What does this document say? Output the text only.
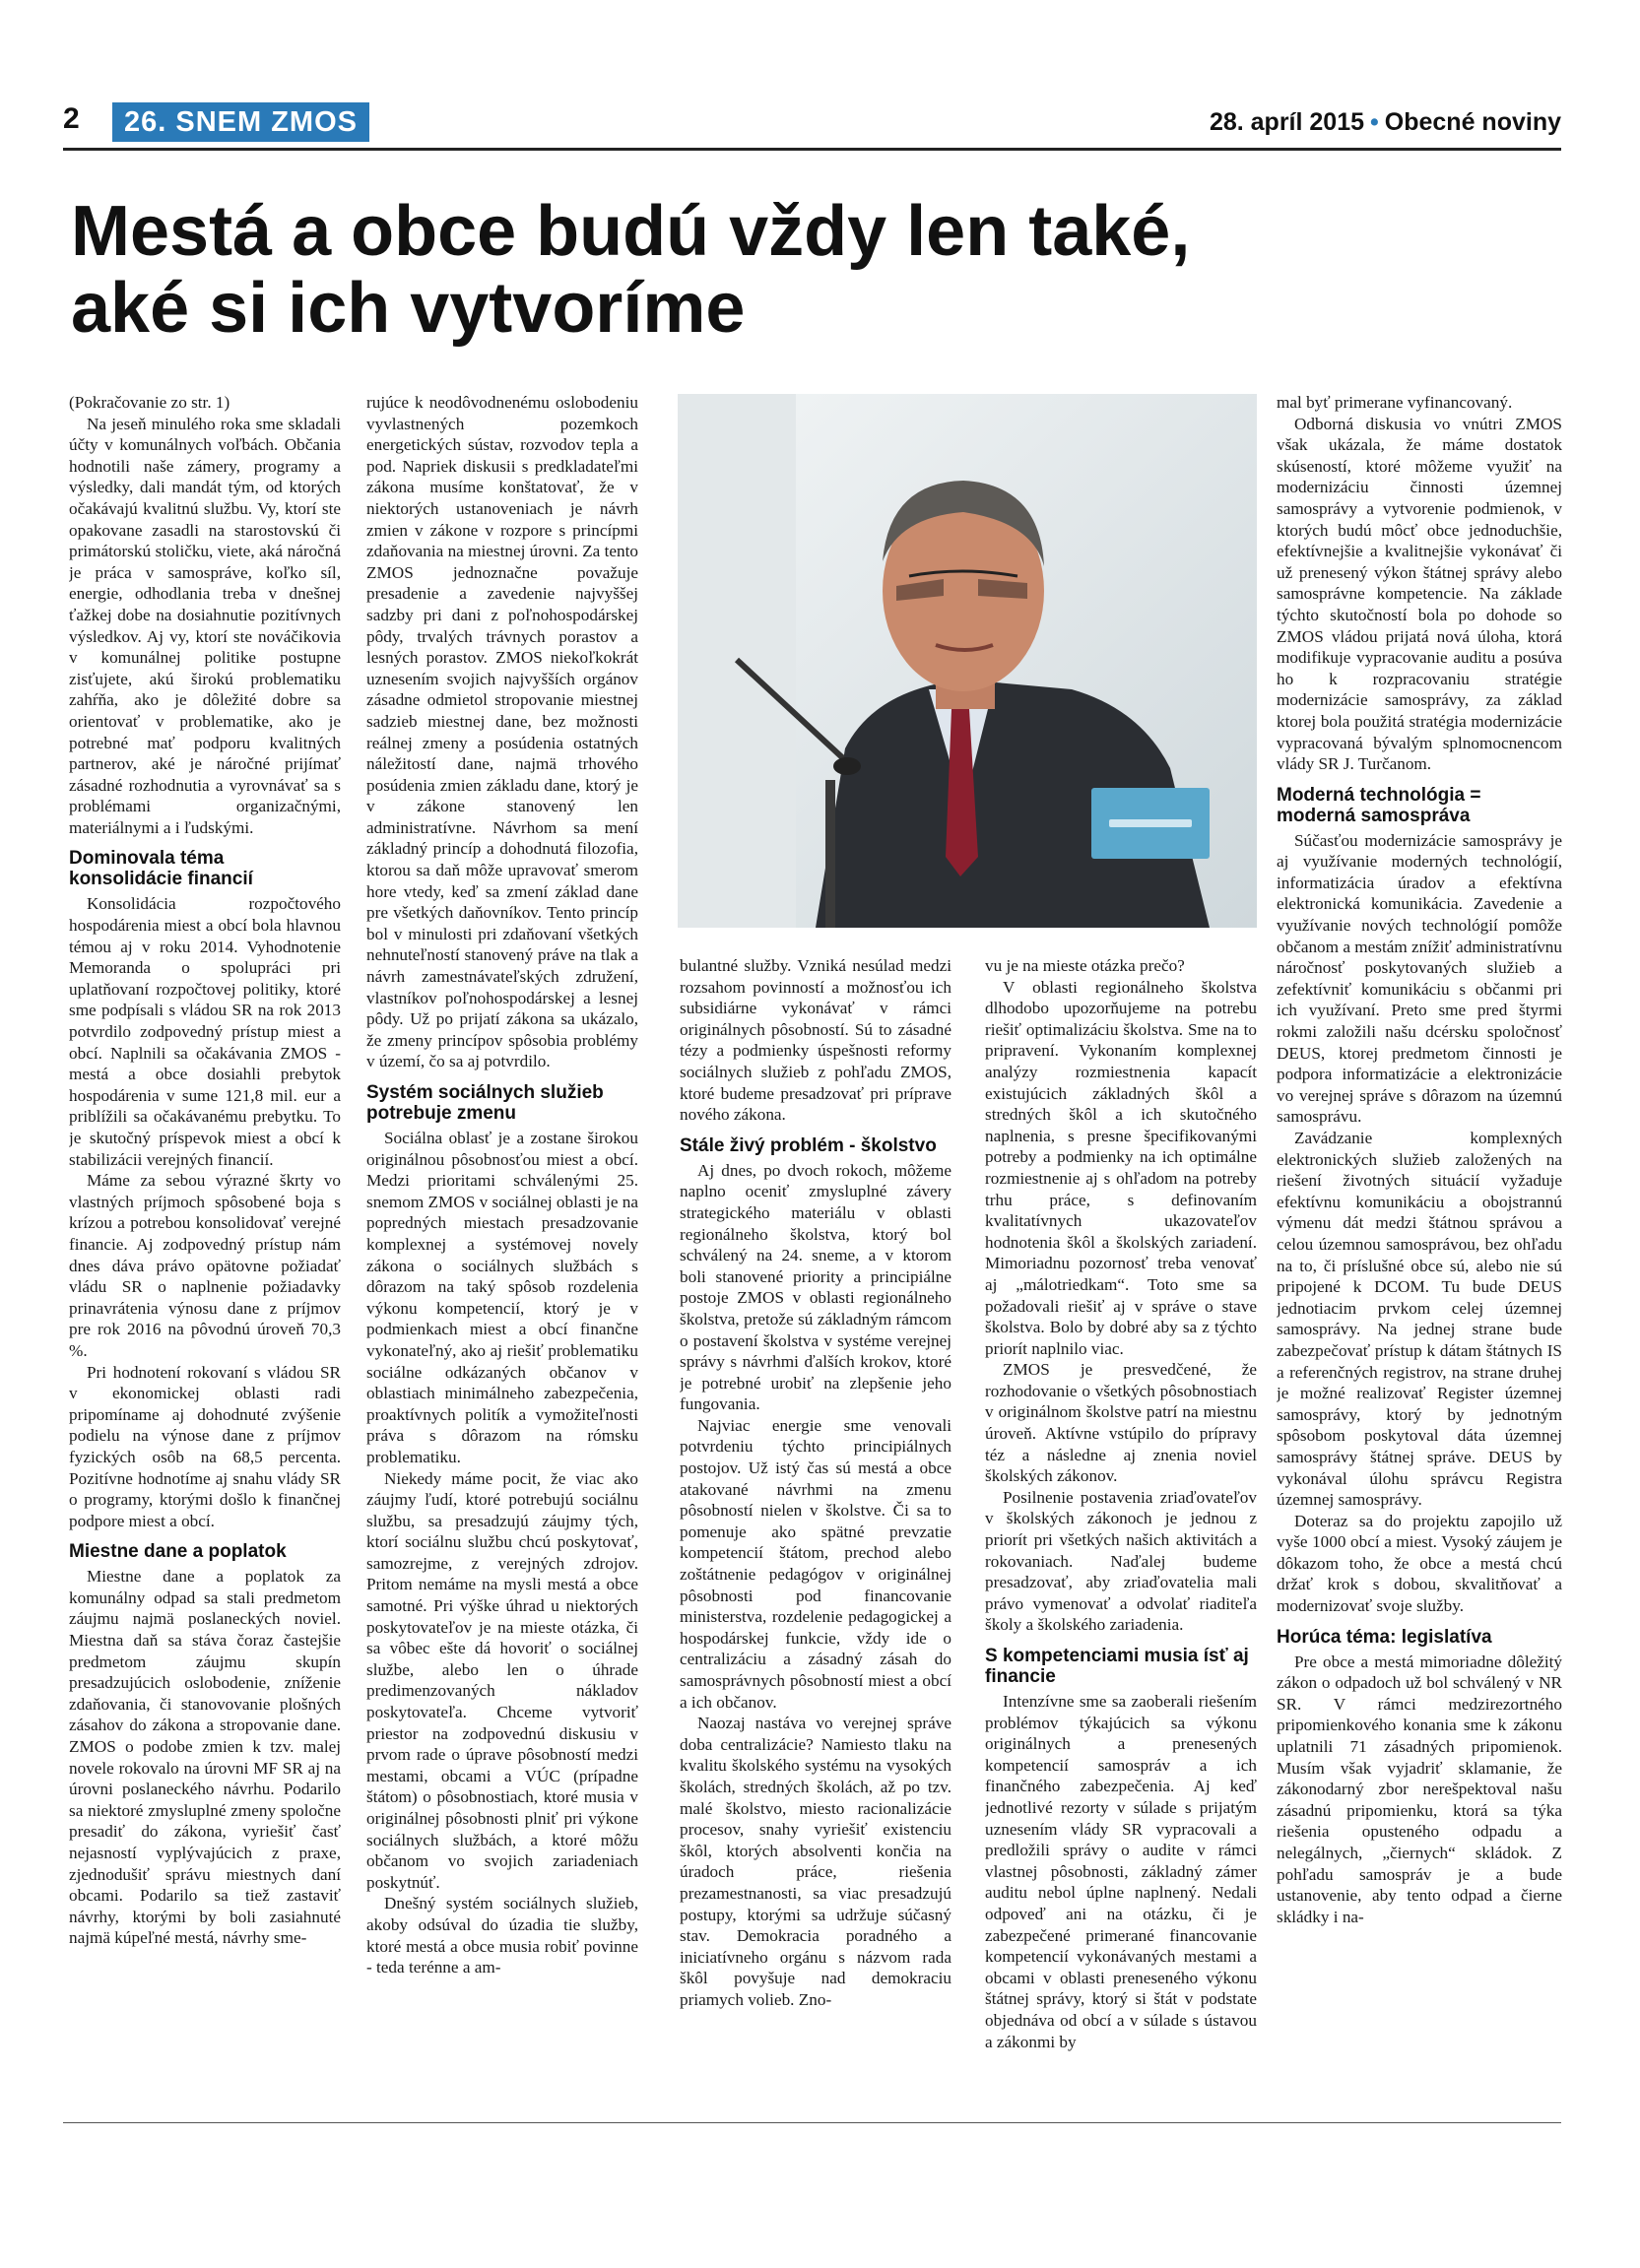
2	26. SNEM ZMOS	28. apríl 2015 • Obecné noviny
Mestá a obce budú vždy len také,
aké si ich vytvoríme

(Pokračovanie zo str. 1)

Na jeseň minulého roka sme skladali účty v komunálnych voľbách. Občania hodnotili naše zámery, programy a výsledky, dali mandát tým, od ktorých očakávajú kvalitnú službu. Vy, ktorí ste opakovane zasadli na starostovskú či primátorskú stoličku, viete, aká náročná je práca v samospráve, koľko síl, energie, odhodlania treba v dnešnej ťažkej dobe na dosiahnutie pozitívnych výsledkov. Aj vy, ktorí ste nováčikovia v komunálnej politike postupne zisťujete, akú širokú problematiku zahŕňa, ako je dôležité dobre sa orientovať v problematike, ako je potrebné mať podporu kvalitných partnerov, aké je náročné prijímať zásadné rozhodnutia a vyrovnávať sa s problémami organizačnými, materiálnymi a i ľudskými.

Dominovala téma konsolidácie financií

Konsolidácia rozpočtového hospodárenia miest a obcí bola hlavnou témou aj v roku 2014. Vyhodnotenie Memoranda o spolupráci pri uplatňovaní rozpočtovej politiky, ktoré sme podpísali s vládou SR na rok 2013 potvrdilo zodpovedný prístup miest a obcí. Naplnili sa očakávania ZMOS - mestá a obce dosiahli prebytok hospodárenia v sume 121,8 mil. eur a priblížili sa očakávanému prebytku. To je skutočný príspevok miest a obcí k stabilizácii verejných financií.

Máme za sebou výrazné škrty vo vlastných príjmoch spôsobené boja s krízou a potrebou konsolidovať verejné financie. Aj zodpovedný prístup nám dnes dáva právo opätovne požiadať vládu SR o naplnenie požiadavky prinavrátenia výnosu dane z príjmov pre rok 2016 na pôvodnú úroveň 70,3 %.

Pri hodnotení rokovaní s vládou SR v ekonomickej oblasti radi pripomíname aj dohodnuté zvýšenie podielu na výnose dane z príjmov fyzických osôb na 68,5 percenta. Pozitívne hodnotíme aj snahu vlády SR o programy, ktorými došlo k finančnej podpore miest a obcí.

Miestne dane a poplatok

Miestne dane a poplatok za komunálny odpad sa stali predmetom záujmu najmä poslaneckých noviel. Miestna daň sa stáva čoraz častejšie predmetom záujmu skupín presadzujúcich oslobodenie, zníženie zdaňovania, či stanovovanie plošných zásahov do zákona a stropovanie dane. ZMOS o podobe zmien k tzv. malej novele rokovalo na úrovni MF SR aj na úrovni poslaneckého návrhu. Podarilo sa niektoré zmysluplné zmeny spoločne presadiť do zákona, vyriešiť časť nejasností vyplývajúcich z praxe, zjednodušiť správu miestnych daní obcami. Podarilo sa tiež zastaviť návrhy, ktorými by boli zasiahnuté najmä kúpeľné mestá, návrhy sme-

rujúce k neodôvodnenému oslobodeniu vyvlastnených pozemkoch energetických sústav, rozvodov tepla a pod. Napriek diskusii s predkladateľmi zákona musíme konštatovať, že v niektorých ustanoveniach je návrh zmien v zákone v rozpore s princípmi zdaňovania na miestnej úrovni. Za tento ZMOS jednoznačne považuje presadenie a zavedenie najvyššej sadzby pri dani z poľnohospodárskej pôdy, trvalých trávnych porastov a lesných porastov. ZMOS niekoľkokrát uznesením svojich najvyšších orgánov zásadne odmietol stropovanie miestnej sadzieb miestnej dane, bez možnosti reálnej zmeny a posúdenia ostatných náležitostí dane, najmä trhového posúdenia zmien základu dane, ktorý je v zákone stanovený len administratívne. Návrhom sa mení základný princíp a dohodnutá filozofia, ktorou sa daň môže upravovať smerom hore vtedy, keď sa zmení základ dane pre všetkých daňovníkov. Tento princíp bol v minulosti pri zdaňovaní všetkých nehnuteľností stanovený práve na tlak a návrh zamestnávateľských združení, vlastníkov poľnohospodárskej a lesnej pôdy. Už po prijatí zákona sa ukázalo, že zmeny princípov spôsobia problémy v území, čo sa aj potvrdilo.

Systém sociálnych služieb potrebuje zmenu

Sociálna oblasť je a zostane širokou originálnou pôsobnosťou miest a obcí. Medzi prioritami schválenými 25. snemom ZMOS v sociálnej oblasti je na popredných miestach presadzovanie komplexnej a systémovej novely zákona o sociálnych službách s dôrazom na taký spôsob rozdelenia výkonu kompetencií, ktorý je v podmienkach miest a obcí finančne vykonateľný, ako aj riešiť problematiku sociálne odkázaných občanov v oblastiach minimálneho zabezpečenia, proaktívnych politík a vymožiteľnosti práva s dôrazom na rómsku problematiku.

Niekedy máme pocit, že viac ako záujmy ľudí, ktoré potrebujú sociálnu službu, sa presadzujú záujmy tých, ktorí sociálnu službu chcú poskytovať, samozrejme, z verejných zdrojov. Pritom nemáme na mysli mestá a obce samotné. Pri výške úhrad u niektorých poskytovateľov je na mieste otázka, či sa vôbec ešte dá hovoriť o sociálnej službe, alebo len o úhrade predimenzovaných nákladov poskytovateľa. Chceme vytvoriť priestor na zodpovednú diskusiu v prvom rade o úprave pôsobností medzi mestami, obcami a VÚC (prípadne štátom) o pôsobnostiach, ktoré musia v originálnej pôsobnosti plniť pri výkone sociálnych službách, a ktoré môžu občanom vo svojich zariadeniach poskytnúť.

Dnešný systém sociálnych služieb, akoby odsúval do úzadia tie služby, ktoré mestá a obce musia robiť povinne - teda terénne a am-

bulantné služby. Vzniká nesúlad medzi rozsahom povinností a možnosťou ich subsidiárne vykonávať v rámci originálnych pôsobností. Sú to zásadné tézy a podmienky úspešnosti reformy sociálnych služieb z pohľadu ZMOS, ktoré budeme presadzovať pri príprave nového zákona.

Stále živý problém - školstvo

Aj dnes, po dvoch rokoch, môžeme naplno oceniť zmysluplné závery strategického materiálu v oblasti regionálneho školstva, ktorý bol schválený na 24. sneme, a v ktorom boli stanovené priority a principiálne postoje ZMOS v oblasti regionálneho školstva, pretože sú základným rámcom o postavení školstva v systéme verejnej správy s návrhmi ďalších krokov, ktoré je potrebné urobiť na zlepšenie jeho fungovania.

Najviac energie sme venovali potvrdeniu týchto principiálnych postojov. Už istý čas sú mestá a obce atakované návrhmi na zmenu pôsobností nielen v školstve. Či sa to pomenuje ako spätné prevzatie kompetencií štátom, prechod alebo zoštátnenie pedagógov v originálnej pôsobnosti pod financovanie ministerstva, rozdelenie pedagogickej a hospodárskej funkcie, vždy ide o centralizáciu a zásadný zásah do samosprávnych pôsobností miest a obcí a ich občanov.

Naozaj nastáva vo verejnej správe doba centralizácie? Namiesto tlaku na kvalitu školského systému na vysokých školách, stredných školách, až po tzv. malé školstvo, miesto racionalizácie procesov, snahy vyriešiť existenciu škôl, ktorých absolventi končia na úradoch práce, riešenia prezamestnanosti, sa viac presadzujú postupy, ktorými sa udržuje súčasný stav. Demokracia poradného a iniciatívneho orgánu s názvom rada škôl povyšuje nad demokraciu priamych volieb. Zno-

vu je na mieste otázka prečo?

V oblasti regionálneho školstva dlhodobo upozorňujeme na potrebu riešiť optimalizáciu školstva. Sme na to pripravení. Vykonaním komplexnej analýzy rozmiestnenia kapacít existujúcich základných škôl a stredných škôl a ich skutočného naplnenia, s presne špecifikovanými potreby a podmienky na ich optimálne rozmiestnenie aj s ohľadom na potreby trhu práce, s definovaním kvalitatívnych ukazovateľov hodnotenia škôl a školských zariadení. Mimoriadnu pozornosť treba venovať aj „málotriedkam“. Toto sme sa požadovali riešiť aj v správe o stave školstva. Bolo by dobré aby sa z týchto priorít naplnilo viac.

ZMOS je presvedčené, že rozhodovanie o všetkých pôsobnostiach v originálnom školstve patrí na miestnu úroveň. Aktívne vstúpilo do prípravy téz a následne aj znenia noviel školských zákonov.

Posilnenie postavenia zriaďovateľov v školských zákonoch je jednou z priorít pri všetkých našich aktivitách a rokovaniach. Naďalej budeme presadzovať, aby zriaďovatelia mali právo vymenovať a odvolať riaditeľa školy a školského zariadenia.

S kompetenciami musia ísť aj financie

Intenzívne sme sa zaoberali riešením problémov týkajúcich sa výkonu originálnych a prenesených kompetencií samospráv a ich finančného zabezpečenia. Aj keď jednotlivé rezorty v súlade s prijatým uznesením vlády SR vypracovali a predložili správy o audite v rámci vlastnej pôsobnosti, základný zámer auditu nebol úplne naplnený. Nedali odpoveď ani na otázku, či je zabezpečené primerané financovanie kompetencií vykonávaných mestami a obcami v oblasti preneseného výkonu štátnej správy, ktorý si štát v podstate objednáva od obcí a v súlade s ústavou a zákonmi by

mal byť primerane vyfinancovaný.

Odborná diskusia vo vnútri ZMOS však ukázala, že máme dostatok skúseností, ktoré môžeme využiť na modernizáciu činnosti územnej samosprávy a vytvorenie podmienok, v ktorých budú môcť obce jednoduchšie, efektívnejšie a kvalitnejšie vykonávať či už prenesený výkon štátnej správy alebo samosprávne kompetencie. Na základe týchto skutočností bola po dohode so ZMOS vládou prijatá nová úloha, ktorá modifikuje vypracovanie auditu a posúva ho k rozpracovaniu stratégie modernizácie samosprávy, za základ ktorej bola použitá stratégia modernizácie vypracovaná bývalým splnomocnencom vlády SR J. Turčanom.

Moderná technológia = moderná samospráva

Súčasťou modernizácie samosprávy je aj využívanie moderných technológií, informatizácia úradov a efektívna elektronická komunikácia. Zavedenie a využívanie nových technológií pomôže občanom a mestám znížiť administratívnu náročnosť poskytovaných služieb a zefektívniť komunikáciu s občanmi pri ich využívaní. Preto sme pred štyrmi rokmi založili našu dcérsku spoločnosť DEUS, ktorej predmetom činnosti je podpora informatizácie a elektronizácie vo verejnej správe s dôrazom na územnú samosprávu.

Zavádzanie komplexných elektronických služieb založených na riešení životných situácií vyžaduje efektívnu komunikáciu a obojstrannú výmenu dát medzi štátnou správou a celou územnou samosprávou, bez ohľadu na to, či príslušné obce sú, alebo nie sú pripojené k DCOM. Tu bude DEUS jednotiacim prvkom celej územnej samosprávy. Na jednej strane bude zabezpečovať prístup k dátam štátnych IS a referenčných registrov, na strane druhej je možné realizovať Register územnej samosprávy, ktorý by jednotným spôsobom poskytoval dáta územnej samosprávy štátnej správe. DEUS by vykonával úlohu správcu Registra územnej samosprávy.

Doteraz sa do projektu zapojilo už vyše 1000 obcí a miest. Vysoký záujem je dôkazom toho, že obce a mestá chcú držať krok s dobou, skvalitňovať a modernizovať svoje služby.

Horúca téma: legislatíva

Pre obce a mestá mimoriadne dôležitý zákon o odpadoch už bol schválený v NR SR. V rámci medzirezortného pripomienkového konania sme k zákonu uplatnili 71 zásadných pripomienok. Musím však vyjadriť sklamanie, že zákonodarný zbor nerešpektoval našu zásadnú pripomienku, ktorá sa týka riešenia opusteného odpadu a nelegálnych, „čiernych“ skládok. Z pohľadu samospráv je a bude ustanovenie, aby tento odpad a čierne skládky i na-
